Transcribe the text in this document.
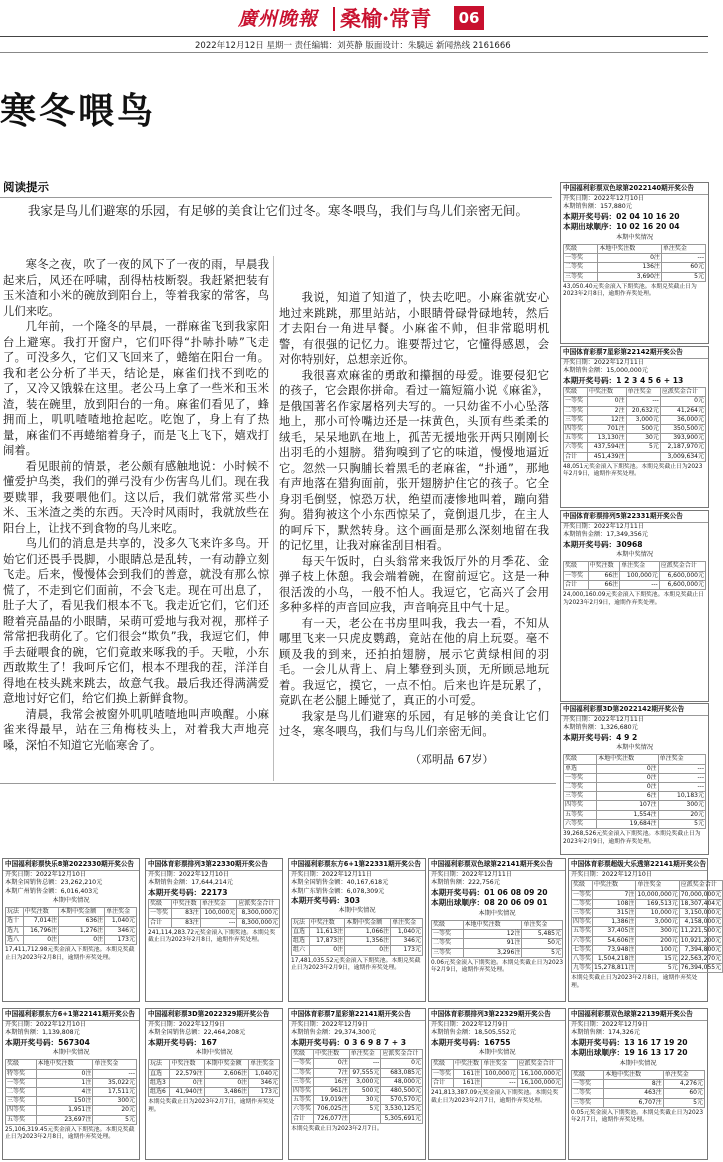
廣州晚報 桑榆·常青	06
2022年12月12日 星期一 责任编辑：刘英静 版面设计：朱驍远 新闻热线 2161666
寒冬喂鸟
阅读提示
我家是鸟儿们避寒的乐园，有足够的美食让它们过冬。寒冬喂鸟，我们与鸟儿们亲密无间。

寒冬之夜，吹了一夜的风下了一夜的雨，早晨我起来后，风还在呼啸，刮得枯枝断裂。我赶紧把装有玉米渣和小米的碗放到阳台上，等着我家的常客，鸟儿们来吃。

几年前，一个隆冬的早晨，一群麻雀飞到我家阳台上避寒。我打开窗户，它们吓得“扑哧扑哧”飞走了。可没多久，它们又飞回来了，蜷缩在阳台一角。我和老公分析了半天，结论是，麻雀们找不到吃的了，又冷又饿躲在这里。老公马上拿了一些米和玉米渣，装在碗里，放到阳台的一角。麻雀们看见了，蜂拥而上，叽叽喳喳地抢起吃。吃饱了，身上有了热量，麻雀们不再蜷缩着身子，而是飞上飞下，嬉戏打闹着。

看见眼前的情景，老公颇有感触地说：小时候不懂爱护鸟类，我们的弹弓没有少伤害鸟儿们。现在我要赎罪，我要喂他们。这以后，我们就常常买些小米、玉米渣之类的东西。天冷时风雨时，我就放些在阳台上，让找不到食物的鸟儿来吃。

鸟儿们的消息是共享的，没多久飞来许多鸟。开始它们还畏手畏脚，小眼睛总是乱转，一有动静立刻飞走。后来，慢慢体会到我们的善意，就没有那么惊慌了，不走到它们面前，不会飞走。现在可出息了，肚子大了，看见我们根本不飞。我走近它们，它们还瞪着亮晶晶的小眼睛，呆萌可爱地与我对视，那样子常常把我萌化了。它们很会“欺负”我，我逗它们，伸手去碰喂食的碗，它们竟敢来啄我的手。天啦，小东西敢欺生了！我呵斥它们，根本不理我的茬，洋洋自得地在枝头跳来跳去，故意气我。最后我还得满满爱意地讨好它们，给它们换上新鲜食物。

清晨，我常会被窗外叽叽喳喳地叫声唤醒。小麻雀来得最早，站在三角梅枝头上，对着我大声地亮嗓，深怕不知道它光临寒舍了。

我说，知道了知道了，快去吃吧。小麻雀就安心地过来跳跳，那里站站，小眼睛骨碌骨碌地转，然后才去阳台一角进早餐。小麻雀不帅，但非常聪明机警，有很强的记忆力。谁要帮过它，它懂得感恩，会对你特别好，总想亲近你。

我很喜欢麻雀的勇敢和攥掴的母爱。谁要侵犯它的孩子，它会跟你拼命。看过一篇短篇小说《麻雀》，是俄国著名作家屠格列夫写的。一只幼雀不小心坠落地上，那小可怜嘴边还是一抹黄色，头顶有些柔柔的绒毛，呆呆地趴在地上，孤苦无援地张开两只刚刚长出羽毛的小翅膀。猎狗嗅到了它的味道，慢慢地逼近它。忽然一只胸脯长着黑毛的老麻雀，“扑通”，那地有声地落在猎狗面前，张开翅膀护住它的孩子。它全身羽毛倒竖，惊恐万状，绝望而凄惨地叫着，蹦向猎狗。猎狗被这个小东西惊呆了，竟倒退几步，在主人的呵斥下，默然转身。这个画面是那么深刻地留在我的记忆里，让我对麻雀刮目相看。

每天午饭时，白头翁常来我饭厅外的月季花、金弹子枝上休憩。我会端着碗，在窗前逗它。这是一种很活泼的小鸟，一般不怕人。我逗它，它高兴了会用多种多样的声音回应我，声音响亮且中气十足。

有一天，老公在书房里叫我，我去一看，不知从哪里飞来一只虎皮鹦鹉，竟站在他的肩上玩耍。毫不顾及我的到来，还拍拍翅膀，展示它黄绿相间的羽毛。一会儿从背上、肩上攀登到头顶，无所顾忌地玩着。我逗它，摸它，一点不怕。后来也许是玩累了，竟趴在老公腿上睡觉了，真正的小可爱。

我家是鸟儿们避寒的乐园，有足够的美食让它们过冬，寒冬喂鸟，我们与鸟儿们亲密无间。

（邓明晶 67岁）
中国福利彩票双色球第2022140期开奖公告
开奖日期：2022年12月10日
本期销售额：157,880元
本期开奖号码：02 04 10 16 20
本期出球顺序：10 02 16 20 04
本期中奖情况
奖级	本地中奖注数	单注奖金
一等奖	0注	---
二等奖	136注	60元
三等奖	3,690注	5元
43,050.40元奖金滚入下期奖池。本期兑奖截止日为2023年2月8日，逾期作弃奖处理。
中国体育彩票7星彩第22142期开奖公告
开奖日期：2022年12月11日
本期销售金额：15,000,000元
本期开奖号码：1 2 3 4 5 6 + 13
奖级	中奖注数	单注奖金	应派奖金合计
一等奖	0注	---	0元
二等奖	2注	20,632元	41,264元
三等奖	12注	3,000元	36,000元
四等奖	701注	500元	350,500元
五等奖	13,130注	30元	393,900元
六等奖	437,594注	5元	2,187,970元
合计	451,439注		3,009,634元
48,051元奖金滚入下期奖池。本期兑奖截止日为2023年2月9日，逾期作弃奖处理。
中国体育彩票排列5第22331期开奖公告
开奖日期：2022年12月11日
本期销售金额：17,349,356元
本期开奖号码：30968
本期中奖情况
奖级	中奖注数	单注奖金	应派奖金合计
一等奖	66注	100,000元	6,600,000元
合计	66注	---	6,600,000元
24,000,160.09元奖金滚入下期奖池。本期兑奖截止日为2023年2月9日，逾期作弃奖处理。
中国福利彩票3D第2022142期开奖公告
开奖日期：2022年12月11日
本期销售额：1,326,680元
本期开奖号码：4 9 2
本期中奖情况
奖级	本地中奖注数	单注奖金
单选	0注	---
一等奖	0注	---
二等奖	0注	---
三等奖	6注	10,183元
四等奖	107注	300元
五等奖	1,554注	20元
六等奖	19,684注	5元
39,268,526元奖金滚入下期奖池。本期兑奖截止日为2023年2月9日，逾期作弃奖处理。
中国福利彩票快乐8第2022330期开奖公告
开奖日期：2022年12月10日
本期全国销售总额：23,262,210元
本期广州销售金额：6,016,403元
本期中奖情况
玩法	中奖注数	本期中奖金额	单注奖金
选十	7,014注	636注	1,040元
选九	16,796注	1,276注	346元
选八	0注	0注	173元
17,411,712.98元奖金滚入下期奖池。本期兑奖截止日为2023年2月8日，逾期作弃奖处理。
中国体育彩票排列3第22330期开奖公告
开奖日期：2022年12月10日
本期销售金额：17,644,214元
本期开奖号码：22173
奖级	中奖注数	单注奖金	应派奖金合计
一等奖	83注	100,000元	8,300,000元
合计	83注	---	8,300,000元
241,114,283.72元奖金滚入下期奖池。本期兑奖截止日为2023年2月8日，逾期作弃奖处理。
中国福利彩票东方6+1第22331期开奖公告
开奖日期：2022年12月11日
本期全国销售金额：40,167,618元
本期广东销售金额：6,078,309元
本期开奖号码：303
本期中奖情况
玩法	中奖注数	本期中奖金额	单注奖金
直选	11,613注	1,066注	1,040元
组选	17,873注	1,356注	346元
组六	0注	0注	173元
17,481,035.52元奖金滚入下期奖池。本期兑奖截止日为2023年2月9日，逾期作弃奖处理。
中国福利彩票双色球第22141期开奖公告
开奖日期：2022年12月11日
本期销售额：222,756元
本期开奖号码：01 06 08 09 20
本期出球顺序：08 20 06 09 01
本期中奖情况
奖级	本地中奖注数	单注奖金
一等奖	12注	5,485元
二等奖	91注	50元
三等奖	3,296注	5元
0.06元奖金滚入下期奖池。本期兑奖截止日为2023年2月9日，逾期作弃奖处理。
中国体育彩票超级大乐透第22141期开奖公告
开奖日期：2022年12月10日
奖级	中奖注数	单注奖金	应派奖金合计
一等奖	7注	10,000,000元	70,000,000元
二等奖	108注	169,513元	18,307,404元
三等奖	315注	10,000元	3,150,000元
四等奖	1,386注	3,000元	4,158,000元
五等奖	37,405注	300元	11,221,500元
六等奖	54,606注	200元	10,921,200元
七等奖	73,948注	100元	7,394,800元
八等奖	1,504,218注	15元	22,563,270元
九等奖	15,278,811注	5元	76,394,055元
本期兑奖截止日为2023年2月8日，逾期作弃奖处理。
中国福利彩票东方6+1第22141期开奖公告
开奖日期：2022年12月10日
本期销售额：1,139,808元
本期开奖号码：567304
本期中奖情况
奖级	本地中奖注数	单注奖金
特等奖	0注	---
一等奖	1注	35,022元
二等奖	4注	17,511元
三等奖	150注	300元
四等奖	1,951注	20元
五等奖	23,697注	5元
25,106,319.45元奖金滚入下期奖池。本期兑奖截止日为2023年2月8日，逾期作弃奖处理。
中国福利彩票3D第2022329期开奖公告
开奖日期：2022年12月9日
本期全国销售总额：22,464,208元
本期开奖号码：167
本期中奖情况
玩法	中奖注数	本期中奖金额	单注奖金
直选	22,579注	2,606注	1,040元
组选3	0注	0注	346元
组选6	41,940注	3,486注	173元
本期兑奖截止日为2023年2月7日，逾期作弃奖处理。
中国体育彩票7星彩第22141期开奖公告
开奖日期：2022年12月9日
本期销售金额：29,374,300元
本期开奖号码：0 3 6 9 8 7 + 3
奖级	中奖注数	单注奖金	应派奖金合计
一等奖	0注	---	0元
二等奖	7注	97,555元	683,085元
三等奖	16注	3,000元	48,000元
四等奖	961注	500元	480,500元
五等奖	19,019注	30元	570,570元
六等奖	706,025注	5元	3,530,125元
合计	726,077注		5,305,691元
本期兑奖截止日为2023年2月7日。
中国体育彩票排列3第22329期开奖公告
开奖日期：2022年12月9日
本期销售金额：18,505,552元
本期开奖号码：16755
本期中奖情况
奖级	中奖注数	单注奖金	应派奖金合计
一等奖	161注	100,000元	16,100,000元
合计	161注	---	16,100,000元
241,813,387.09元奖金滚入下期奖池。本期兑奖截止日为2023年2月7日，逾期作弃奖处理。
中国福利彩票双色球第22139期开奖公告
开奖日期：2022年12月9日
本期销售额：174,326元
本期开奖号码：13 16 17 19 20
本期出球顺序：19 16 13 17 20
本期中奖情况
奖级	本地中奖注数	单注奖金
一等奖	8注	4,276元
二等奖	463注	60元
三等奖	6,707注	5元
0.05元奖金滚入下期奖池。本期兑奖截止日为2023年2月7日，逾期作弃奖处理。
